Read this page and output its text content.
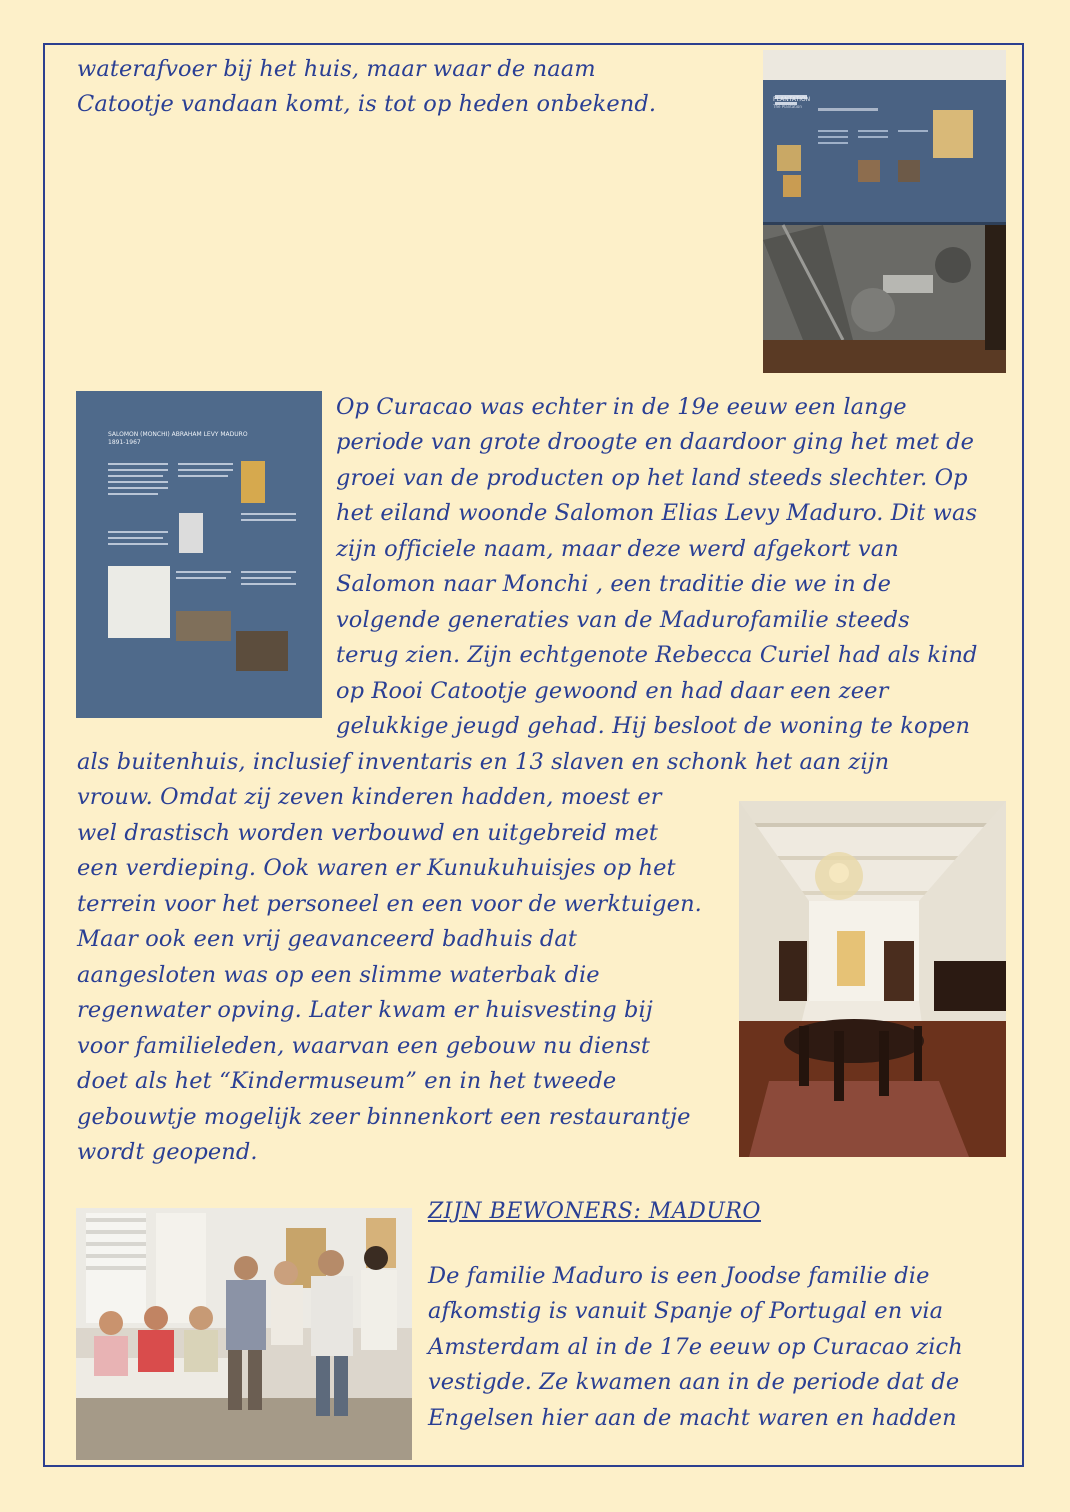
waterafvoer bij het huis, maar waar de naam

Catootje vandaan komt, is tot op heden onbekend.	PLANTATION
The Plantation
SALOMON (MONCHI) ABRAHAM LEVY MADURO
1891-1967

Op Curacao was echter in de 19e eeuw een lange

periode van grote droogte en daardoor ging het met de

groei van de producten op het land steeds slechter. Op

het eiland woonde Salomon Elias Levy Maduro. Dit was

zijn officiele naam, maar deze werd afgekort van

Salomon naar Monchi , een traditie die we in de

volgende generaties van de Madurofamilie steeds

terug zien. Zijn echtgenote Rebecca Curiel had als kind

op Rooi Catootje gewoond en had daar een zeer

gelukkige jeugd gehad. Hij besloot de woning te kopen

als buitenhuis, inclusief inventaris en 13 slaven en schonk het aan zijn

vrouw. Omdat zij zeven kinderen hadden, moest er

wel drastisch worden verbouwd en uitgebreid met

een verdieping. Ook waren er Kunukuhuisjes op het

terrein voor het personeel en een voor de werktuigen.

Maar ook een vrij geavanceerd badhuis dat

aangesloten was op een slimme waterbak die

regenwater opving. Later kwam er huisvesting bij

voor familieleden, waarvan een gebouw nu dienst

doet als het “Kindermuseum” en in het tweede

gebouwtje mogelijk zeer binnenkort een restaurantje

wordt geopend.

ZIJN BEWONERS: MADURO

De familie Maduro is een Joodse familie die

afkomstig is vanuit Spanje of Portugal en via

Amsterdam al in de 17e eeuw op Curacao zich

vestigde. Ze kwamen aan in de periode dat de

Engelsen hier aan de macht waren en hadden
